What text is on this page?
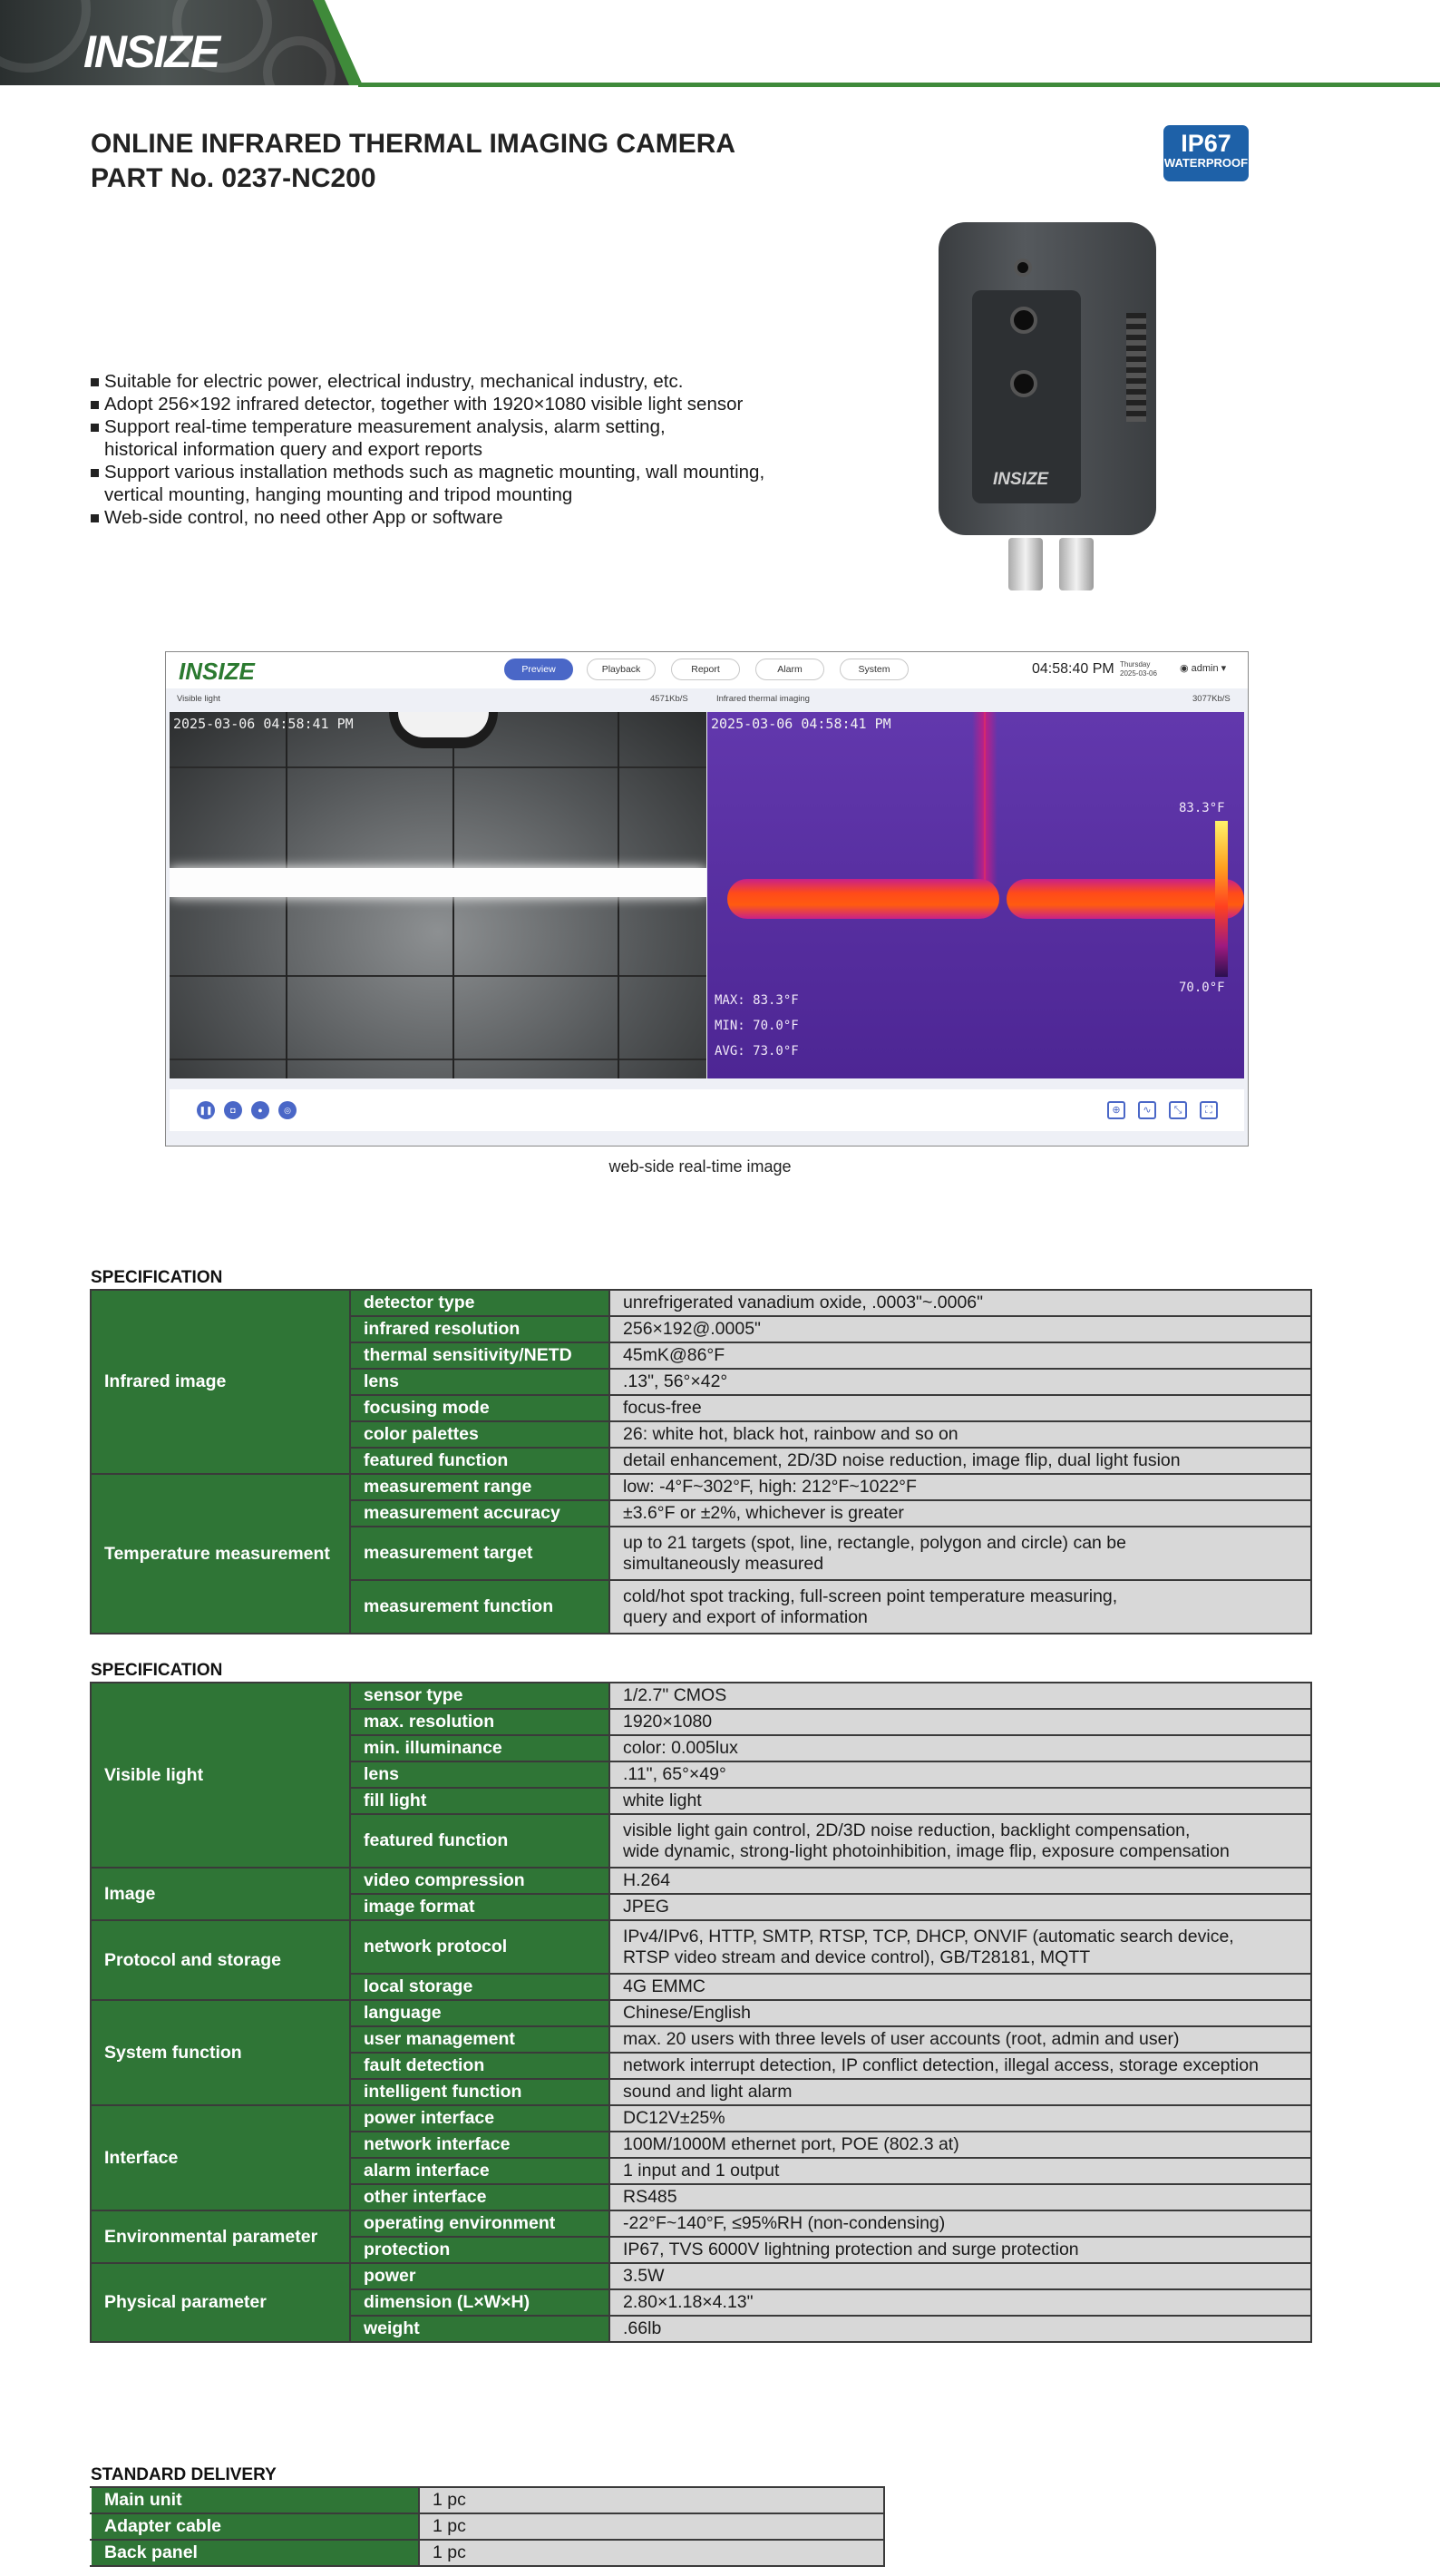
INSIZE
ONLINE INFRARED THERMAL IMAGING CAMERA
PART No. 0237-NC200
IP67
WATERPROOF
Suitable for electric power, electrical industry, mechanical industry, etc.
Adopt 256×192 infrared detector, together with 1920×1080 visible light sensor
Support real-time temperature measurement analysis, alarm setting,
historical information query and export reports
Support various installation methods such as magnetic mounting, wall mounting,
vertical mounting, hanging mounting and tripod mounting
Web-side control, no need other App or software
INSIZE
INSIZE	Preview	Playback	Report	Alarm	System	04:58:40 PM Thursday
2025-03-06 ◉ admin ▾
Visible light	4571Kb/S	Infrared thermal imaging	3077Kb/S
2025-03-06 04:58:41 PM	2025-03-06 04:58:41 PM
83.3°F
70.0°F
MAX: 83.3°F
MIN: 70.0°F
AVG: 73.0°F
❚❚	◘	●	◎	⊕	∿	⤡	⛶
web-side real-time image
SPECIFICATION
Infrared image	detector type	unrefrigerated vanadium oxide, .0003"~.0006"
	infrared resolution	256×192@.0005"
	thermal sensitivity/NETD	45mK@86°F
	lens	.13", 56°×42°
	focusing mode	focus-free
	color palettes	26: white hot, black hot, rainbow and so on
	featured function	detail enhancement, 2D/3D noise reduction, image flip, dual light fusion
Temperature measurement	measurement range	low: -4°F~302°F, high: 212°F~1022°F
	measurement accuracy	±3.6°F or ±2%, whichever is greater
	measurement target	up to 21 targets (spot, line, rectangle, polygon and circle) can be
simultaneously measured
	measurement function	cold/hot spot tracking, full-screen point temperature measuring,
query and export of information
SPECIFICATION
Visible light	sensor type	1/2.7" CMOS
	max. resolution	1920×1080
	min. illuminance	color: 0.005lux
	lens	.11", 65°×49°
	fill light	white light
	featured function	visible light gain control, 2D/3D noise reduction, backlight compensation,
wide dynamic, strong-light photoinhibition, image flip, exposure compensation
Image	video compression	H.264
	image format	JPEG
Protocol and storage	network protocol	IPv4/IPv6, HTTP, SMTP, RTSP, TCP, DHCP, ONVIF (automatic search device,
RTSP video stream and device control), GB/T28181, MQTT
	local storage	4G EMMC
System function	language	Chinese/English
	user management	max. 20 users with three levels of user accounts (root, admin and user)
	fault detection	network interrupt detection, IP conflict detection, illegal access, storage exception
	intelligent function	sound and light alarm
Interface	power interface	DC12V±25%
	network interface	100M/1000M ethernet port, POE (802.3 at)
	alarm interface	1 input and 1 output
	other interface	RS485
Environmental parameter	operating environment	-22°F~140°F, ≤95%RH (non-condensing)
	protection	IP67, TVS 6000V lightning protection and surge protection
Physical parameter	power	3.5W
	dimension (L×W×H)	2.80×1.18×4.13"
	weight	.66lb
STANDARD DELIVERY
Main unit	1 pc
Adapter cable	1 pc
Back panel	1 pc
